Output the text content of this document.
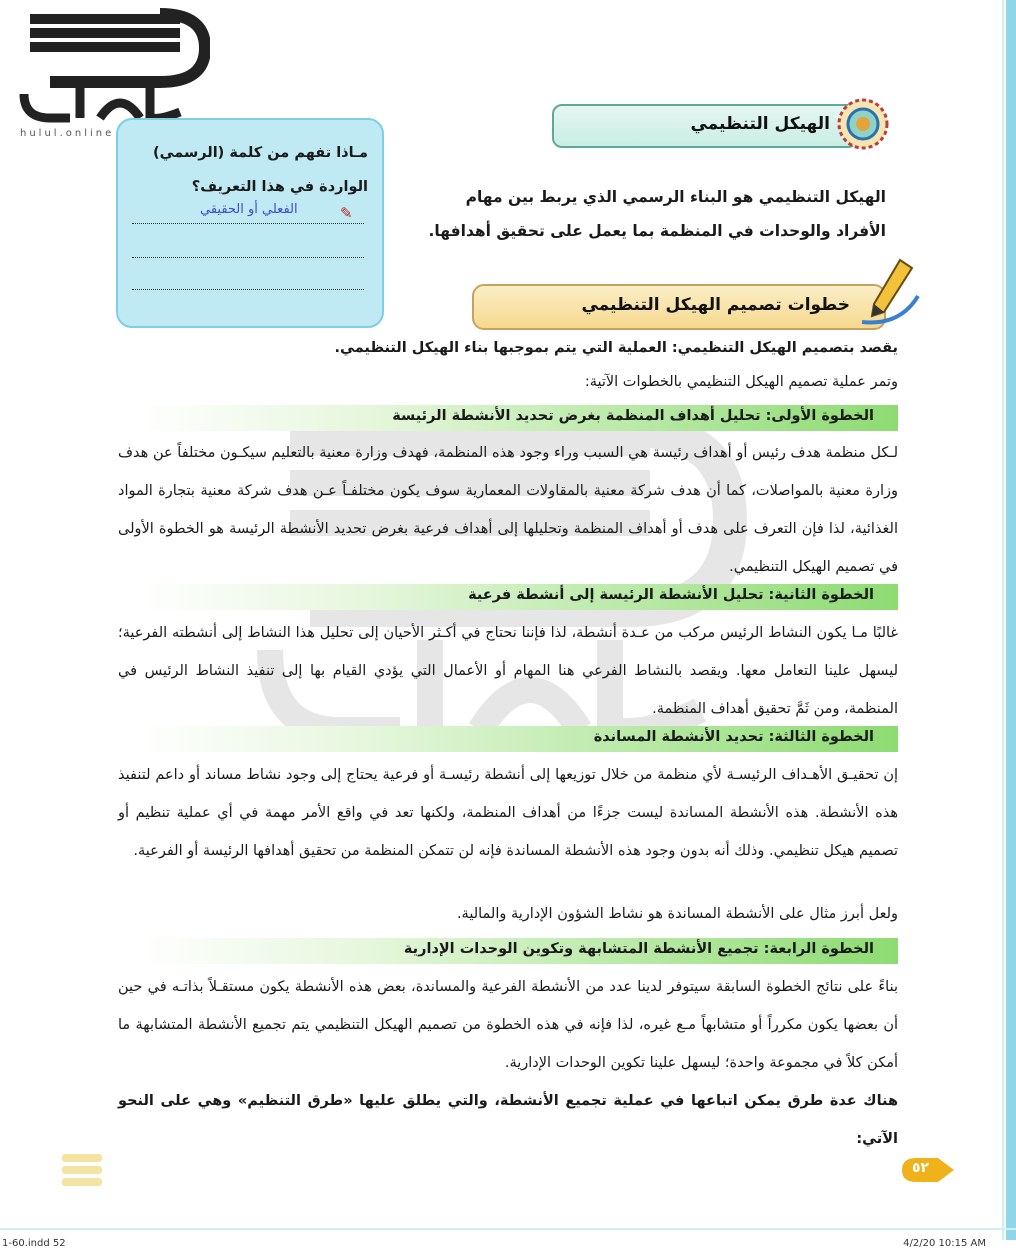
hulul.online	الهيكل التنظيمي
الهيكل التنظيمي هو البناء الرسمي الذي يربط بين مهام الأفراد والوحدات في المنظمة بما يعمل على تحقيق أهدافها.
مـاذا تفهم من كلمة (الرسمي) الواردة في هذا التعريف؟
✎
الفعلي أو الحقيقي
خطوات تصميم الهيكل التنظيمي
يقصد بتصميم الهيكل التنظيمي: العملية التي يتم بموجبها بناء الهيكل التنظيمي.
وتمر عملية تصميم الهيكل التنظيمي بالخطوات الآتية:
الخطوة الأولى: تحليل أهداف المنظمة بغرض تحديد الأنشطة الرئيسة
لـكل منظمة هدف رئيس أو أهداف رئيسة هي السبب وراء وجود هذه المنظمة، فهدف وزارة معنية بالتعليم سيكـون مختلفاً عن هدف وزارة معنية بالمواصلات، كما أن هدف شركة معنية بالمقاولات المعمارية سوف يكون مختلفـاً عـن هدف شركة معنية بتجارة المواد الغذائية، لذا فإن التعرف على هدف أو أهداف المنظمة وتحليلها إلى أهداف فرعية بغرض تحديد الأنشطة الرئيسة هو الخطوة الأولى في تصميم الهيكل التنظيمي.
الخطوة الثانية: تحليل الأنشطة الرئيسة إلى أنشطة فرعية
غالبًا مـا يكون النشاط الرئيس مركب من عـدة أنشطة، لذا فإننا نحتاج في أكـثر الأحيان إلى تحليل هذا النشاط إلى أنشطته الفرعية؛ ليسهل علينا التعامل معها. ويقصد بالنشاط الفرعي هنا المهام أو الأعمال التي يؤدي القيام بها إلى تنفيذ النشاط الرئيس في المنظمة، ومن ثَمَّ تحقيق أهداف المنظمة.
الخطوة الثالثة: تحديد الأنشطة المساندة
إن تحقيـق الأهـداف الرئيسـة لأي منظمة من خلال توزيعها إلى أنشطة رئيسـة أو فرعية يحتاج إلى وجود نشاط مساند أو داعم لتنفيذ هذه الأنشطة. هذه الأنشطة المساندة ليست جزءًا من أهداف المنظمة، ولكنها تعد في واقع الأمر مهمة في أي عملية تنظيم أو تصميم هيكل تنظيمي. وذلك أنه بدون وجود هذه الأنشطة المساندة فإنه لن تتمكن المنظمة من تحقيق أهدافها الرئيسة أو الفرعية.
ولعل أبرز مثال على الأنشطة المساندة هو نشاط الشؤون الإدارية والمالية.
الخطوة الرابعة: تجميع الأنشطة المتشابهة وتكوين الوحدات الإدارية
بناءً على نتائج الخطوة السابقة سيتوفر لدينا عدد من الأنشطة الفرعية والمساندة، بعض هذه الأنشطة يكون مستقـلاً بذاتـه في حين أن بعضها يكون مكرراً أو متشابهاً مـع غيره، لذا فإنه في هذه الخطوة من تصميم الهيكل التنظيمي يتم تجميع الأنشطة المتشابهة ما أمكن كلاً في مجموعة واحدة؛ ليسهل علينا تكوين الوحدات الإدارية.
هناك عدة طرق يمكن اتباعها في عملية تجميع الأنشطة، والتي يطلق عليها «طرق التنظيم» وهي على النحو الآتي:
٥٢
1-60.indd 52	4/2/20 10:15 AM
